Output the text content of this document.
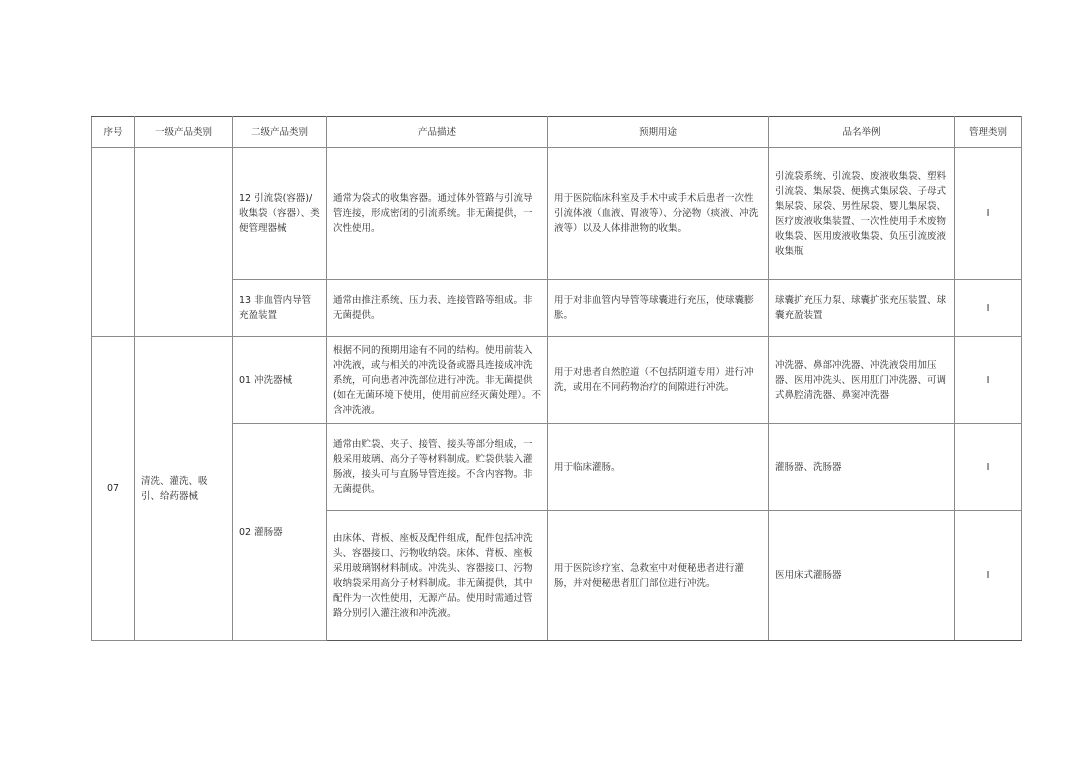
序号	一级产品类别	二级产品类别	产品描述	预期用途	品名举例	管理类别
		12 引流袋(容器)/收集袋（容器）、类便管理器械	通常为袋式的收集容器。通过体外管路与引流导管连接，形成密闭的引流系统。非无菌提供，一次性使用。	用于医院临床科室及手术中或手术后患者一次性引流体液（血液、胃液等）、分泌物（痰液、冲洗液等）以及人体排泄物的收集。	引流袋系统、引流袋、废液收集袋、塑料引流袋、集尿袋、便携式集尿袋、子母式集尿袋、尿袋、男性尿袋、婴儿集尿袋、医疗废液收集装置、一次性使用手术废物收集袋、医用废液收集袋、负压引流废液收集瓶	I
		13 非血管内导管充盈装置	通常由推注系统、压力表、连接管路等组成。非无菌提供。	用于对非血管内导管等球囊进行充压，使球囊膨胀。	球囊扩充压力泵、球囊扩张充压装置、球囊充盈装置	I
07	清洗、灌洗、吸引、给药器械	01 冲洗器械	根据不同的预期用途有不同的结构。使用前装入冲洗液，或与相关的冲洗设备或器具连接成冲洗系统，可向患者冲洗部位进行冲洗。非无菌提供(如在无菌环境下使用，使用前应经灭菌处理）。不含冲洗液。	用于对患者自然腔道（不包括阴道专用）进行冲洗，或用在不同药物治疗的间隙进行冲洗。	冲洗器、鼻部冲洗器、冲洗液袋用加压器、医用冲洗头、医用肛门冲洗器、可调式鼻腔清洗器、鼻窦冲洗器	I
		02 灌肠器	通常由贮袋、夹子、接管、接头等部分组成，一般采用玻璃、高分子等材料制成。贮袋供装入灌肠液，接头可与直肠导管连接。不含内容物。非无菌提供。	用于临床灌肠。	灌肠器、洗肠器	I
			由床体、背板、座板及配件组成，配件包括冲洗头、容器接口、污物收纳袋。床体、背板、座板采用玻璃钢材料制成。冲洗头、容器接口、污物收纳袋采用高分子材料制成。非无菌提供，其中配件为一次性使用，无源产品。使用时需通过管路分别引入灌注液和冲洗液。	用于医院诊疗室、急救室中对便秘患者进行灌肠，并对便秘患者肛门部位进行冲洗。	医用床式灌肠器	I
